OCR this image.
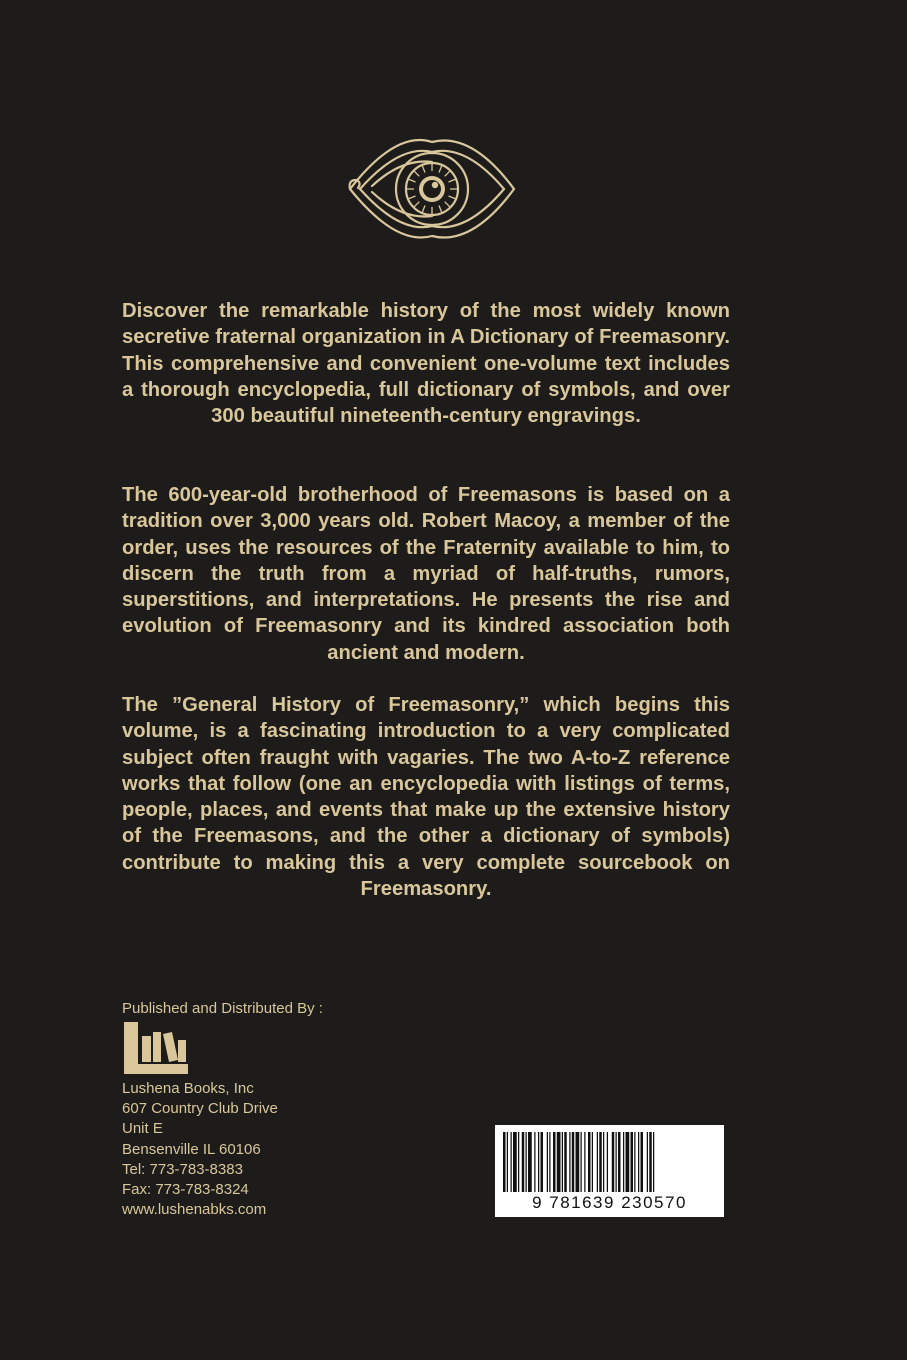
Discover the remarkable history of the most widely known secretive fraternal organization in A Dictionary of Freemasonry. This comprehensive and convenient one-volume text includes a thorough encyclopedia, full dictionary of symbols, and over 300 beautiful nineteenth-century engravings.

The 600-year-old brotherhood of Freemasons is based on a tradition over 3,000 years old. Robert Macoy, a member of the order, uses the resources of the Fraternity available to him, to discern the truth from a myriad of half-truths, rumors, superstitions, and interpretations. He presents the rise and evolution of Freemasonry and its kindred association both ancient and modern.

The ”General History of Freemasonry,” which begins this volume, is a fascinating introduction to a very complicated subject often fraught with vagaries. The two A-to-Z reference works that follow (one an encyclopedia with listings of terms, people, places, and events that make up the extensive history of the Freemasons, and the other a dictionary of symbols) contribute to making this a very complete sourcebook on Freemasonry.

Published and Distributed By :
Lushena Books, Inc
607 Country Club Drive
Unit E
Bensenville IL 60106
Tel: 773-783-8383
Fax: 773-783-8324
www.lushenabks.com	9 781639 230570
